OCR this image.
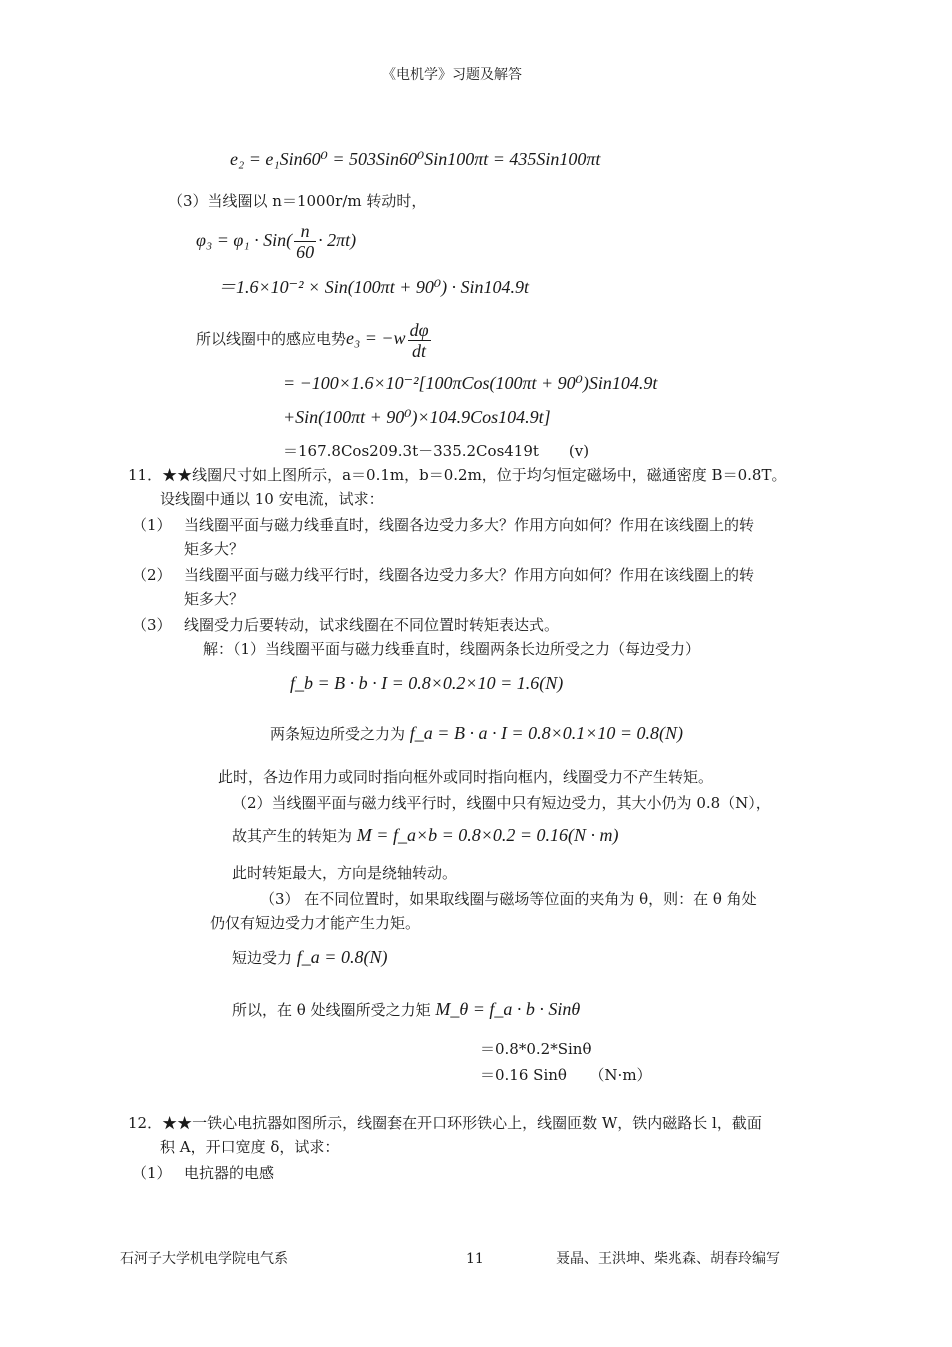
《电机学》习题及解答
e₂ = e₁Sin60⁰ = 503Sin60⁰Sin100πt = 435Sin100πt
（3）当线圈以 n＝1000r/m 转动时，
$\varphi_3 = \varphi_1 \cdot Sin( \frac{n}{60} \cdot 2\pi t)$
＝1.6×10⁻² × Sin(100πt + 90⁰) · Sin104.9t
所以线圈中的感应电势$e_3 = -w \frac{d\varphi}{dt}$
= −100×1.6×10⁻²[100πCos(100πt + 90⁰)Sin104.9t
+Sin(100πt + 90⁰)×104.9Cos104.9t]
＝167.8Cos209.3t－335.2Cos419t　　(v)
11．★★线圈尺寸如上图所示，a＝0.1m，b＝0.2m，位于均匀恒定磁场中，磁通密度 B＝0.8T。
设线圈中通以 10 安电流，试求：
（1） 当线圈平面与磁力线垂直时，线圈各边受力多大？作用方向如何？作用在该线圈上的转
矩多大？
（2） 当线圈平面与磁力线平行时，线圈各边受力多大？作用方向如何？作用在该线圈上的转
矩多大？
（3） 线圈受力后要转动，试求线圈在不同位置时转矩表达式。
解：（1）当线圈平面与磁力线垂直时，线圈两条长边所受之力（每边受力）
f_b = B · b · I = 0.8×0.2×10 = 1.6(N)
两条短边所受之力为 f_a = B · a · I = 0.8×0.1×10 = 0.8(N)
此时，各边作用力或同时指向框外或同时指向框内，线圈受力不产生转矩。
（2）当线圈平面与磁力线平行时，线圈中只有短边受力，其大小仍为 0.8（N），
故其产生的转矩为 M = f_a×b = 0.8×0.2 = 0.16(N · m)
此时转矩最大，方向是绕轴转动。
（3） 在不同位置时，如果取线圈与磁场等位面的夹角为 θ，则：在 θ 角处
仍仅有短边受力才能产生力矩。
短边受力 f_a = 0.8(N)
所以，在 θ 处线圈所受之力矩 M_θ = f_a · b · Sinθ
＝0.8*0.2*Sinθ
＝0.16 Sinθ　　（N·m）
12．★★一铁心电抗器如图所示，线圈套在开口环形铁心上，线圈匝数 W，铁内磁路长 l，截面
积 A，开口宽度 δ，试求：
（1） 电抗器的电感
石河子大学机电学院电气系	11	聂晶、王洪坤、柴兆森、胡春玲编写
